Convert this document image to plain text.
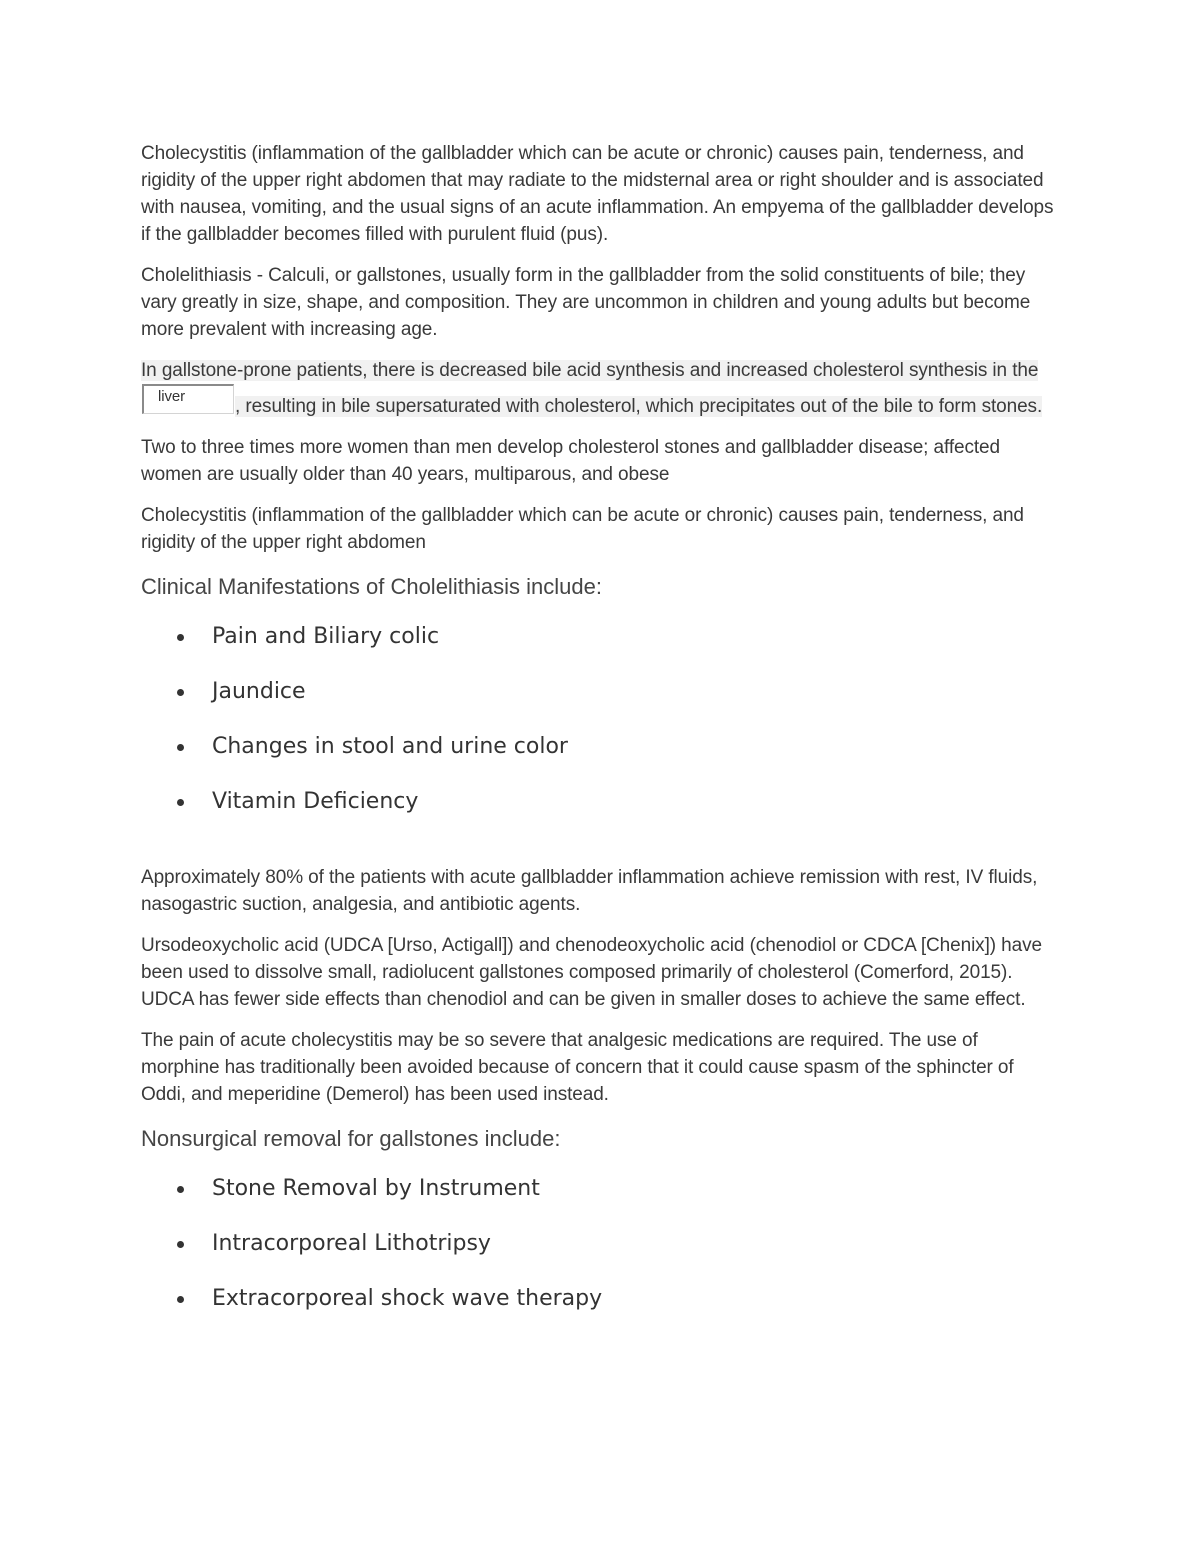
Cholecystitis (inflammation of the gallbladder which can be acute or chronic) causes pain, tenderness, and rigidity of the upper right abdomen that may radiate to the midsternal area or right shoulder and is associated with nausea, vomiting, and the usual signs of an acute inflammation. An empyema of the gallbladder develops if the gallbladder becomes filled with purulent fluid (pus).

Cholelithiasis - Calculi, or gallstones, usually form in the gallbladder from the solid constituents of bile; they vary greatly in size, shape, and composition. They are uncommon in children and young adults but become more prevalent with increasing age.

In gallstone-prone patients, there is decreased bile acid synthesis and increased cholesterol synthesis in the
liver	, resulting in bile supersaturated with cholesterol, which precipitates out of the bile to form stones.

Two to three times more women than men develop cholesterol stones and gallbladder disease; affected women are usually older than 40 years, multiparous, and obese

Cholecystitis (inflammation of the gallbladder which can be acute or chronic) causes pain, tenderness, and rigidity of the upper right abdomen

Clinical Manifestations of Cholelithiasis include:

Pain and Biliary colic
Jaundice
Changes in stool and urine color
Vitamin Deficiency

Approximately 80% of the patients with acute gallbladder inflammation achieve remission with rest, IV fluids, nasogastric suction, analgesia, and antibiotic agents.

Ursodeoxycholic acid (UDCA [Urso, Actigall]) and chenodeoxycholic acid (chenodiol or CDCA [Chenix]) have been used to dissolve small, radiolucent gallstones composed primarily of cholesterol (Comerford, 2015). UDCA has fewer side effects than chenodiol and can be given in smaller doses to achieve the same effect.

The pain of acute cholecystitis may be so severe that analgesic medications are required. The use of morphine has traditionally been avoided because of concern that it could cause spasm of the sphincter of Oddi, and meperidine (Demerol) has been used instead.

Nonsurgical removal for gallstones include:

Stone Removal by Instrument
Intracorporeal Lithotripsy
Extracorporeal shock wave therapy
